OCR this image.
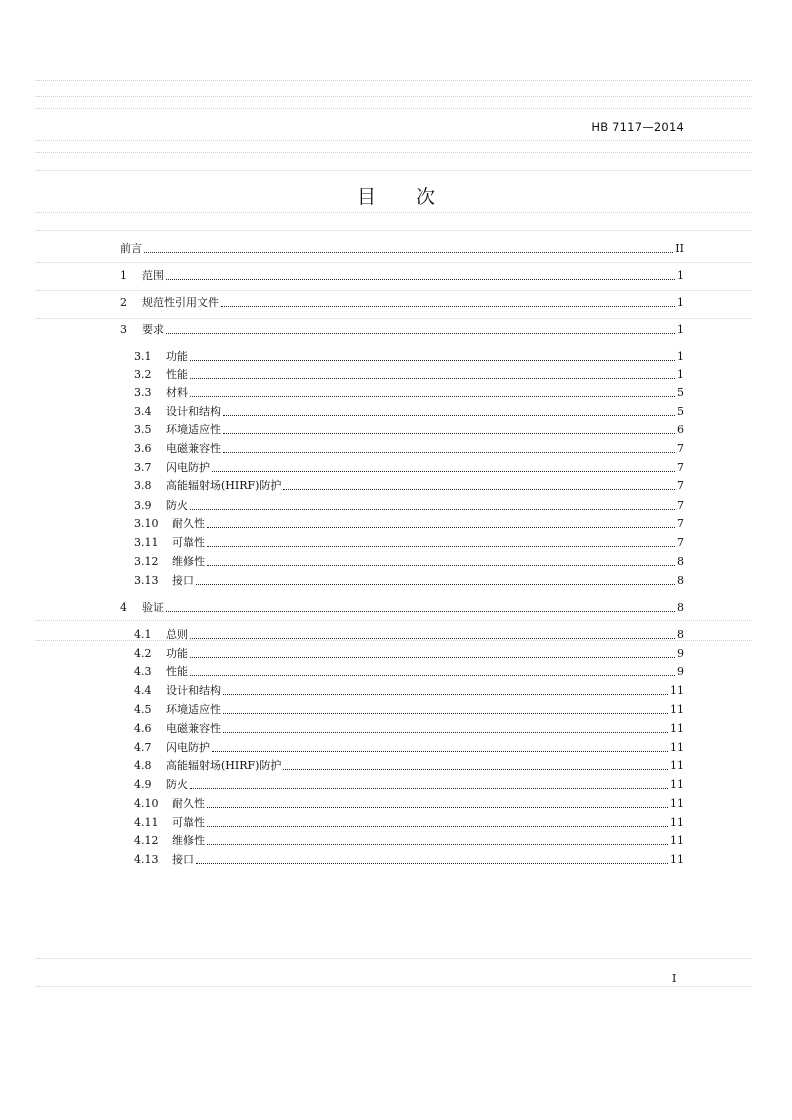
HB 7117—2014
目 次
前言	II
1	范围	1
2	规范性引用文件	1
3	要求	1
3.1	功能	1
3.2	性能	1
3.3	材料	5
3.4	设计和结构	5
3.5	环境适应性	6
3.6	电磁兼容性	7
3.7	闪电防护	7
3.8	高能辐射场(HIRF)防护	7
3.9	防火	7
3.10	耐久性	7
3.11	可靠性	7
3.12	维修性	8
3.13	接口	8
4	验证	8
4.1	总则	8
4.2	功能	9
4.3	性能	9
4.4	设计和结构	11
4.5	环境适应性	11
4.6	电磁兼容性	11
4.7	闪电防护	11
4.8	高能辐射场(HIRF)防护	11
4.9	防火	11
4.10	耐久性	11
4.11	可靠性	11
4.12	维修性	11
4.13	接口	11
I
